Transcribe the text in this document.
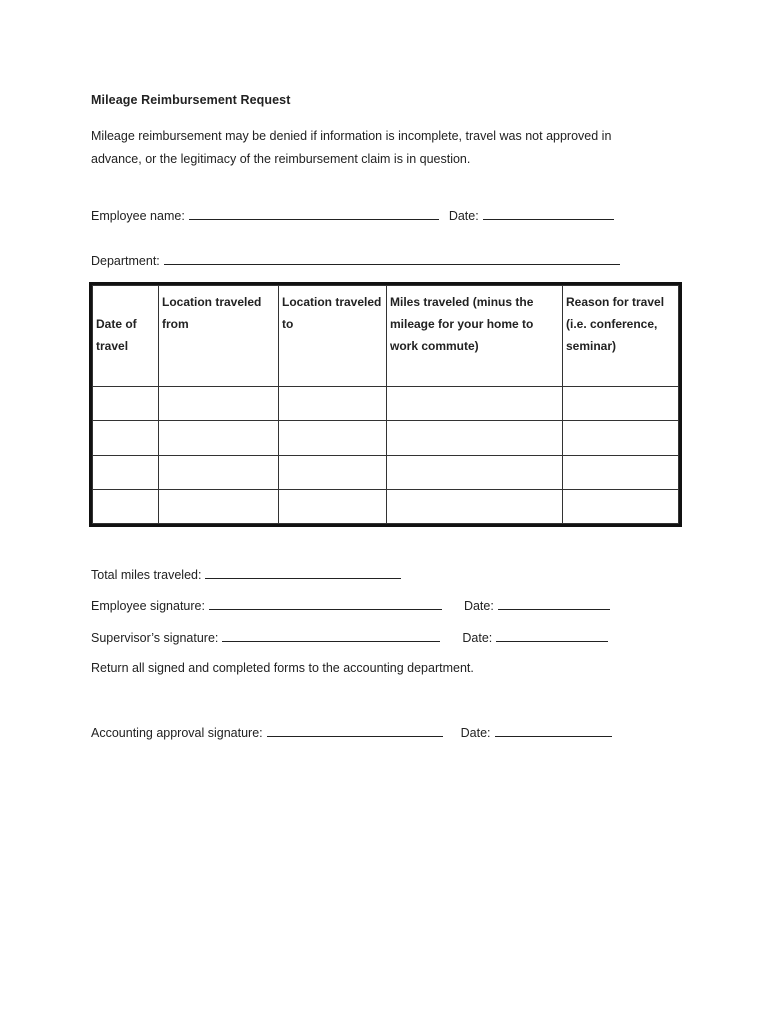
Mileage Reimbursement Request
Mileage reimbursement may be denied if information is incomplete, travel was not approved in
advance, or the legitimacy of the reimbursement claim is in question.
Employee name:	Date:
Department:
Date of travel	Location traveled from	Location traveled to	Miles traveled (minus the mileage for your home to work commute)	Reason for travel (i.e. conference, seminar)

Total miles traveled:
Employee signature:	Date:
Supervisor’s signature:	Date:
Return all signed and completed forms to the accounting department.
Accounting approval signature:	Date:
